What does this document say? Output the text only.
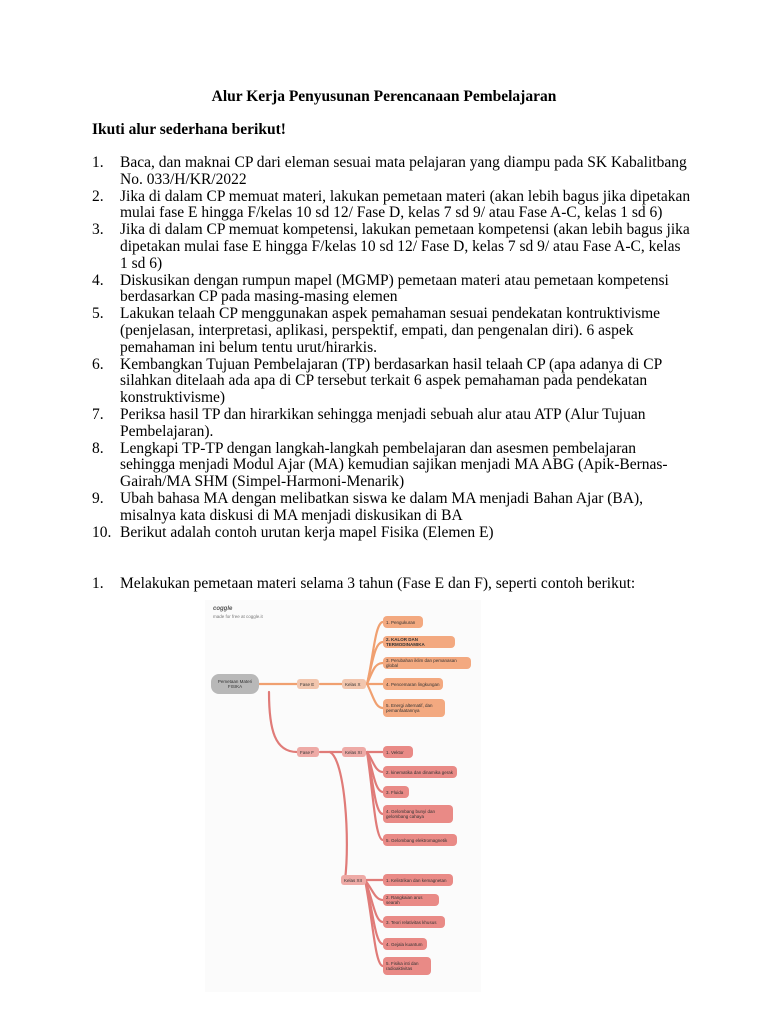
Alur Kerja Penyusunan Perencanaan Pembelajaran
Ikuti alur sederhana berikut!
1.	Baca, dan maknai CP dari eleman sesuai mata pelajaran yang diampu pada SK Kabalitbang No. 033/H/KR/2022
2.	Jika di dalam CP memuat materi, lakukan pemetaan materi (akan lebih bagus jika dipetakan mulai fase E hingga F/kelas 10 sd 12/ Fase D, kelas 7 sd 9/ atau Fase A-C, kelas 1 sd 6)
3.	Jika di dalam CP memuat kompetensi, lakukan pemetaan kompetensi (akan lebih bagus jika dipetakan mulai fase E hingga F/kelas 10 sd 12/ Fase D, kelas 7 sd 9/ atau Fase A-C, kelas 1 sd 6)
4.	Diskusikan dengan rumpun mapel (MGMP) pemetaan materi atau pemetaan kompetensi berdasarkan CP pada masing-masing elemen
5.	Lakukan telaah CP menggunakan aspek pemahaman sesuai pendekatan kontruktivisme (penjelasan, interpretasi, aplikasi, perspektif, empati, dan pengenalan diri). 6 aspek pemahaman ini belum tentu urut/hirarkis.
6.	Kembangkan Tujuan Pembelajaran (TP) berdasarkan hasil telaah CP (apa adanya di CP silahkan ditelaah ada apa di CP tersebut terkait 6 aspek pemahaman pada pendekatan konstruktivisme)
7.	Periksa hasil TP dan hirarkikan sehingga menjadi sebuah alur atau ATP (Alur Tujuan Pembelajaran).
8.	Lengkapi TP-TP dengan langkah-langkah pembelajaran dan asesmen pembelajaran sehingga menjadi Modul Ajar (MA) kemudian sajikan menjadi MA ABG (Apik-Bernas-Gairah/MA SHM (Simpel-Harmoni-Menarik)
9.	Ubah bahasa MA dengan melibatkan siswa ke dalam MA menjadi Bahan Ajar (BA), misalnya kata diskusi di MA menjadi diskusikan di BA
10. Berikut adalah contoh urutan kerja mapel Fisika (Elemen E)
1.	Melakukan pemetaan materi selama 3 tahun (Fase E dan F), seperti contoh berikut:
coggle
made for free at coggle.it
Pemetaan Materi FISIKA	Fase E	Kelas X
1. Pengukuran
2. KALOR DAN TERMODINAMIKA
3. Perubahan iklim dan pemanasan global
4. Pencemaran lingkungan
5. Energi alternatif, dan pemanfaatannya
Fase F	Kelas XI	1. Vektor
2. kinematika dan dinamika gerak
3. Fluida
4. Gelombang bunyi dan gelombang cahaya
5. Gelombang elektromagnetik
Kelas XII	1. Kelistrikan dan kemagnetan
2. Rangkaian arus searah
3. Teori relativitas khusus
4. Gejala kuantum
5. Fisika inti dan radioaktivitas
